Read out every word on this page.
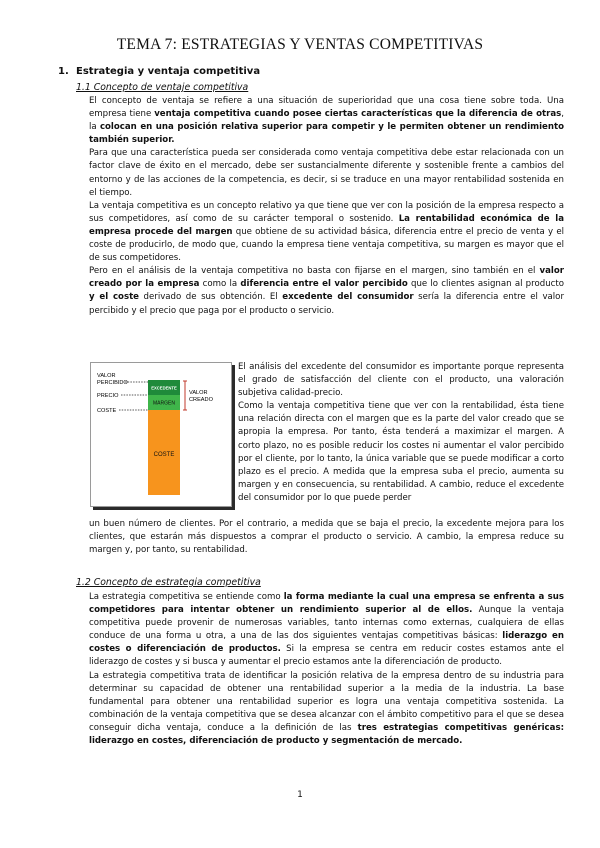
TEMA 7: ESTRATEGIAS Y VENTAS COMPETITIVAS
1. Estrategia y ventaja competitiva
1.1 Concepto de ventaje competitiva

El concepto de ventaja se refiere a una situación de superioridad que una cosa tiene sobre toda. Una empresa tiene ventaja competitiva cuando posee ciertas características que la diferencia de otras, la colocan en una posición relativa superior para competir y le permiten obtener un rendimiento también superior.

Para que una característica pueda ser considerada como ventaja competitiva debe estar relacionada con un factor clave de éxito en el mercado, debe ser sustancialmente diferente y sostenible frente a cambios del entorno y de las acciones de la competencia, es decir, si se traduce en una mayor rentabilidad sostenida en el tiempo.

La ventaja competitiva es un concepto relativo ya que tiene que ver con la posición de la empresa respecto a sus competidores, así como de su carácter temporal o sostenido. La rentabilidad económica de la empresa procede del margen que obtiene de su actividad básica, diferencia entre el precio de venta y el coste de producirlo, de modo que, cuando la empresa tiene ventaja competitiva, su margen es mayor que el de sus competidores.

Pero en el análisis de la ventaja competitiva no basta con fijarse en el margen, sino también en el valor creado por la empresa como la diferencia entre el valor percibido que lo clientes asignan al producto y el coste derivado de sus obtención. El excedente del consumidor sería la diferencia entre el valor percibido y el precio que paga por el producto o servicio.

VALOR
PERCIBIDO
PRECIO
COSTE
EXCEDENTE
MARGEN
COSTE
VALOR
CREADO

El análisis del excedente del consumidor es importante porque representa el grado de satisfacción del cliente con el producto, una valoración subjetiva calidad-precio.

Como la ventaja competitiva tiene que ver con la rentabilidad, ésta tiene una relación directa con el margen que es la parte del valor creado que se apropia la empresa. Por tanto, ésta tenderá a maximizar el margen. A corto plazo, no es posible reducir los costes ni aumentar el valor percibido por el cliente, por lo tanto, la única variable que se puede modificar a corto plazo es el precio. A medida que la empresa suba el precio, aumenta su margen y en consecuencia, su rentabilidad. A cambio, reduce el excedente del consumidor por lo que puede perder

un buen número de clientes. Por el contrario, a medida que se baja el precio, la excedente mejora para los clientes, que estarán más dispuestos a comprar el producto o servicio. A cambio, la empresa reduce su margen y, por tanto, su rentabilidad.

1.2 Concepto de estrategia competitiva

La estrategia competitiva se entiende como la forma mediante la cual una empresa se enfrenta a sus competidores para intentar obtener un rendimiento superior al de ellos. Aunque la ventaja competitiva puede provenir de numerosas variables, tanto internas como externas, cualquiera de ellas conduce de una forma u otra, a una de las dos siguientes ventajas competitivas básicas: liderazgo en costes o diferenciación de productos. Si la empresa se centra em reducir costes estamos ante el liderazgo de costes y si busca y aumentar el precio estamos ante la diferenciación de producto.

La estrategia competitiva trata de identificar la posición relativa de la empresa dentro de su industria para determinar su capacidad de obtener una rentabilidad superior a la media de la industria. La base fundamental para obtener una rentabilidad superior es logra una ventaja competitiva sostenida. La combinación de la ventaja competitiva que se desea alcanzar con el ámbito competitivo para el que se desea conseguir dicha ventaja, conduce a la definición de las tres estrategias competitivas genéricas: liderazgo en costes, diferenciación de producto y segmentación de mercado.

1
